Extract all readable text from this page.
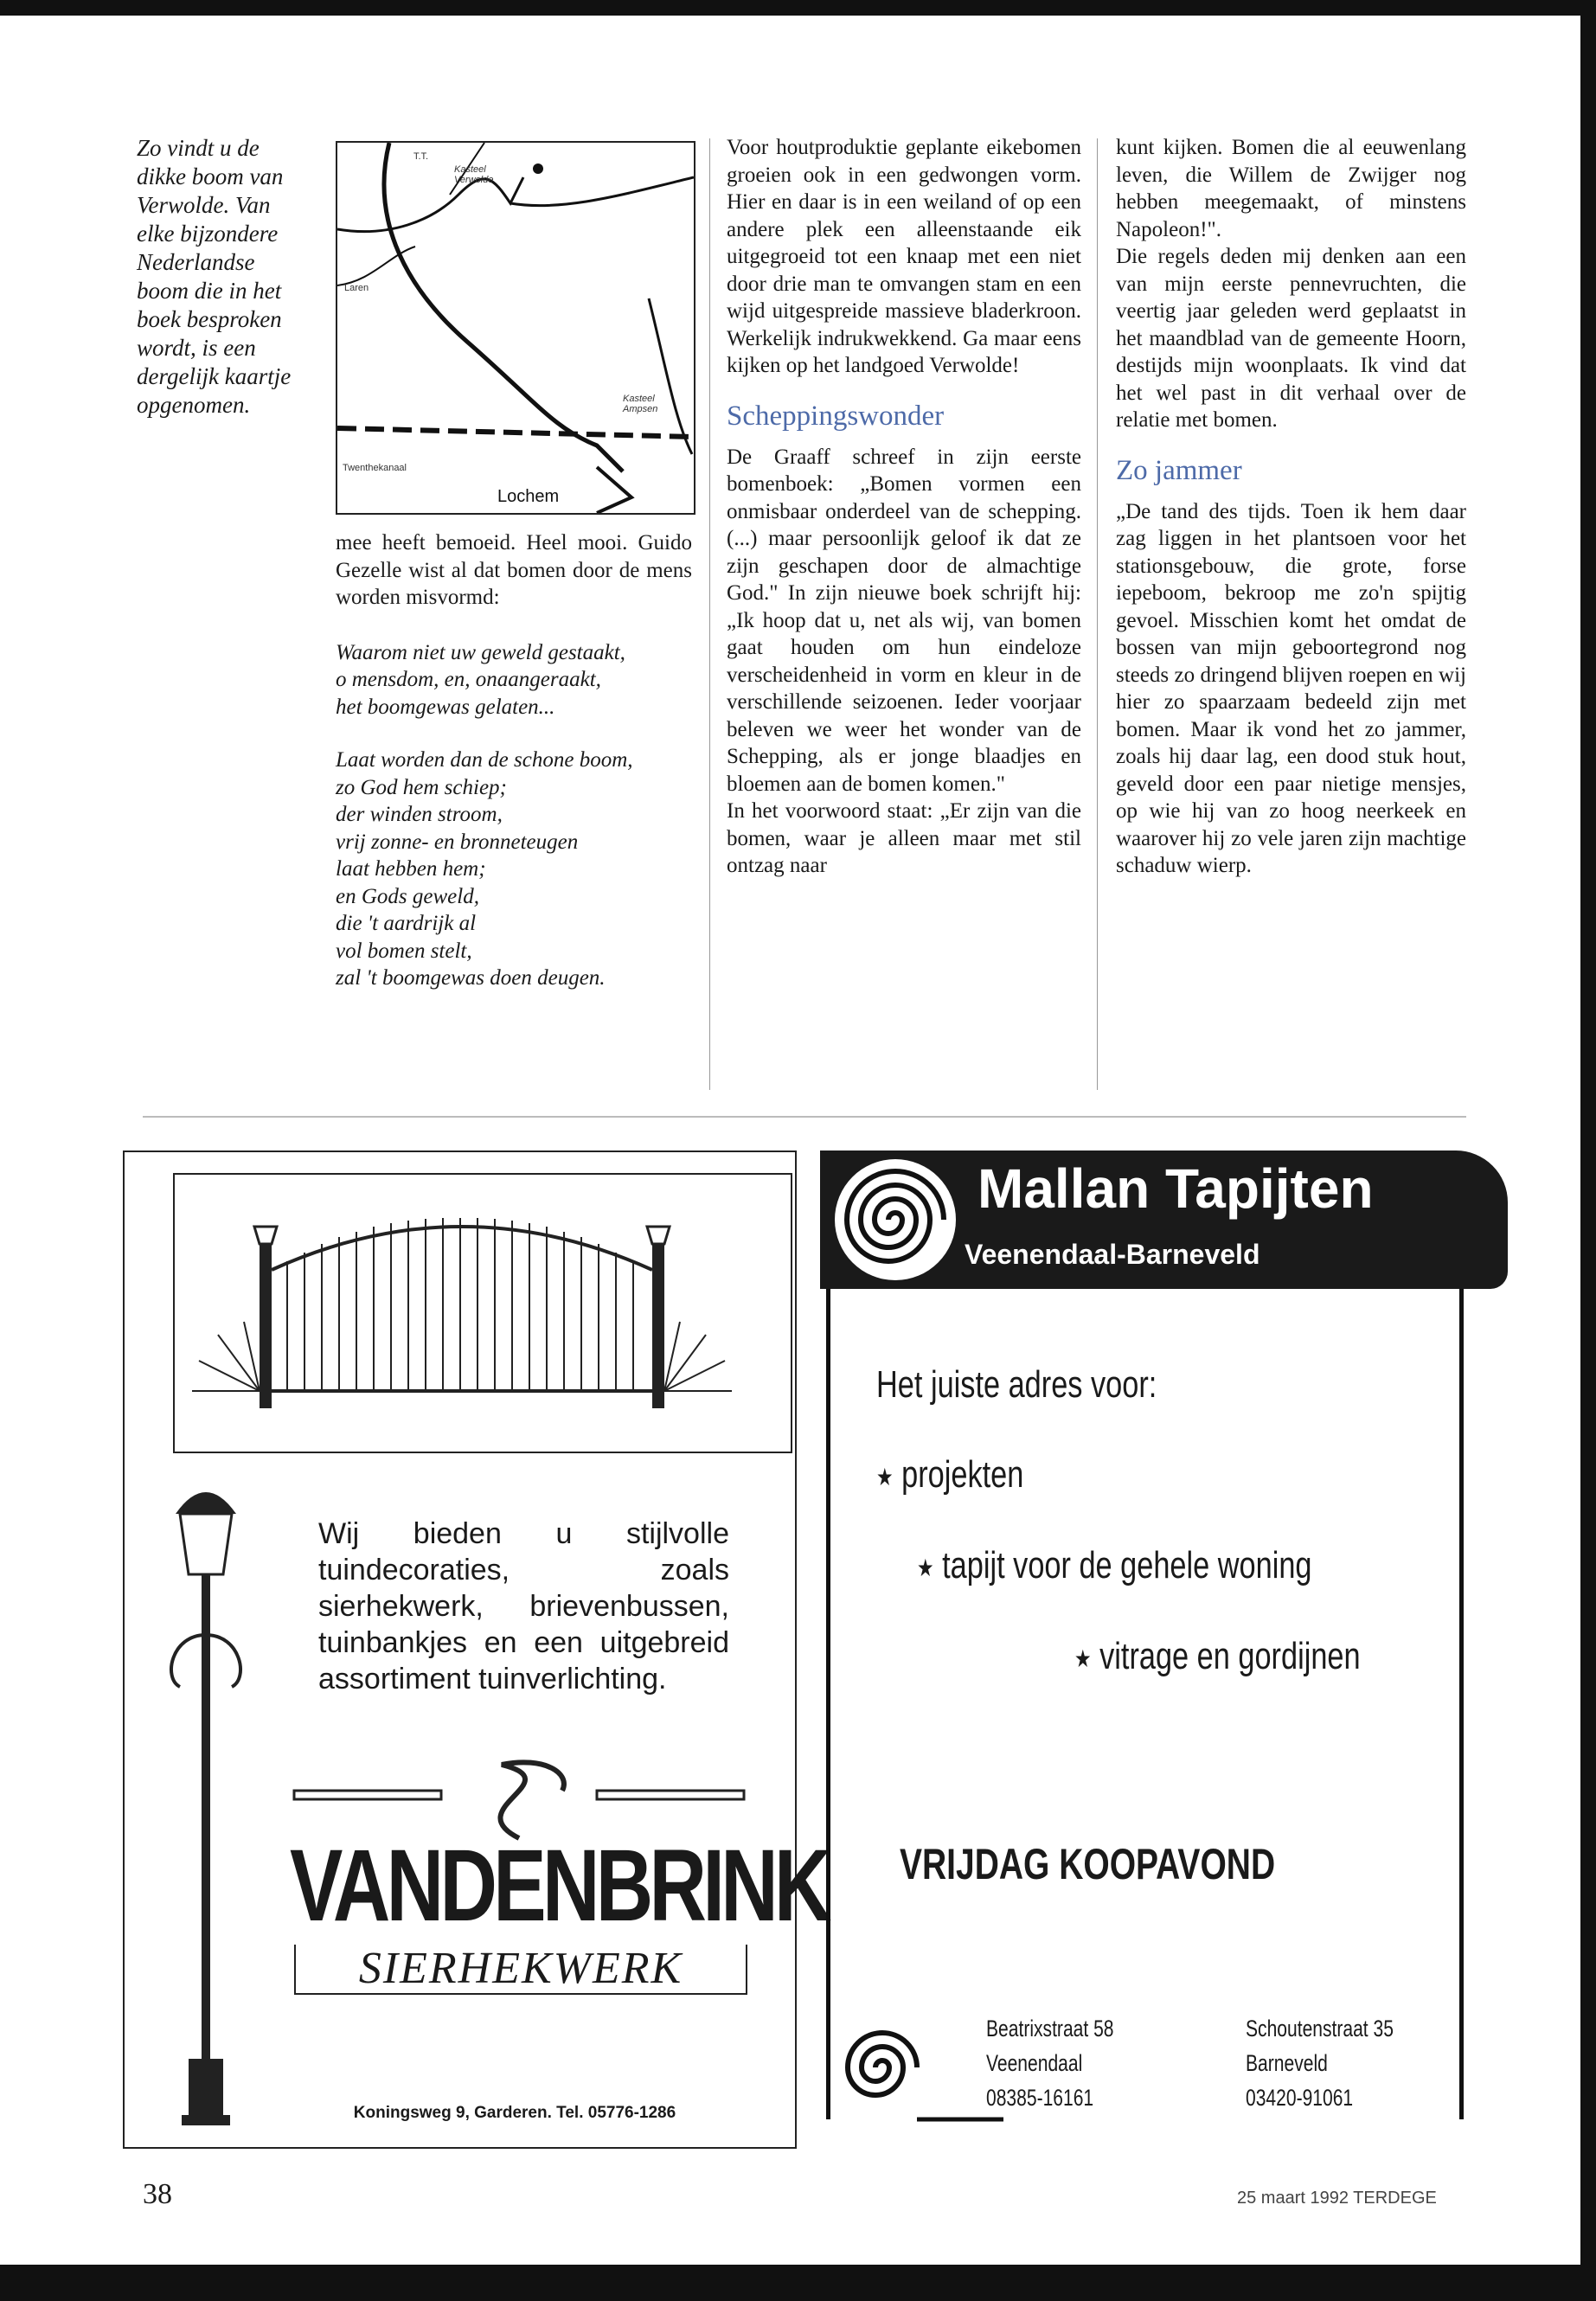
Zo vindt u de dikke boom van Verwolde. Van elke bijzondere Nederlandse boom die in het boek besproken wordt, is een dergelijk kaartje opgenomen.
T.T.
Kasteel Verwolde
Laren
Kasteel Ampsen
Twenthekanaal
Lochem

mee heeft bemoeid. Heel mooi. Guido Gezelle wist al dat bomen door de mens worden misvormd:

Waarom niet uw geweld gestaakt,
o mensdom, en, onaangeraakt,
het boomgewas gelaten...
Laat worden dan de schone boom,
zo God hem schiep;
der winden stroom,
vrij zonne- en bronneteugen
laat hebben hem;
en Gods geweld,
die 't aardrijk al
vol bomen stelt,
zal 't boomgewas doen deugen.

Voor houtproduktie geplante eikebomen groeien ook in een gedwongen vorm. Hier en daar is in een weiland of op een andere plek een alleenstaande eik uitgegroeid tot een knaap met een niet door drie man te omvangen stam en een wijd uitgespreide massieve bladerkroon. Werkelijk indrukwekkend. Ga maar eens kijken op het landgoed Verwolde!

Scheppingswonder

De Graaff schreef in zijn eerste bomenboek: „Bomen vormen een onmisbaar onderdeel van de schepping. (...) maar persoonlijk geloof ik dat ze zijn geschapen door de almachtige God." In zijn nieuwe boek schrijft hij: „Ik hoop dat u, net als wij, van bomen gaat houden om hun eindeloze verscheidenheid in vorm en kleur in de verschillende seizoenen. Ieder voorjaar beleven we weer het wonder van de Schepping, als er jonge blaadjes en bloemen aan de bomen komen."

In het voorwoord staat: „Er zijn van die bomen, waar je alleen maar met stil ontzag naar

kunt kijken. Bomen die al eeuwenlang leven, die Willem de Zwijger nog hebben meegemaakt, of minstens Napoleon!".

Die regels deden mij denken aan een van mijn eerste pennevruchten, die veertig jaar geleden werd geplaatst in het maandblad van de gemeente Hoorn, destijds mijn woonplaats. Ik vind dat het wel past in dit verhaal over de relatie met bomen.

Zo jammer

„De tand des tijds. Toen ik hem daar zag liggen in het plantsoen voor het stationsgebouw, die grote, forse iepeboom, bekroop me zo'n spijtig gevoel. Misschien komt het omdat de bossen van mijn geboortegrond nog steeds zo dringend blijven roepen en wij hier zo spaarzaam bedeeld zijn met bomen. Maar ik vond het zo jammer, zoals hij daar lag, een dood stuk hout, geveld door een paar nietige mensjes, op wie hij van zo hoog neerkeek en waarover hij zo vele jaren zijn machtige schaduw wierp.

Wij bieden u stijlvolle tuindecoraties, zoals sierhekwerk, brievenbussen, tuinbankjes en een uitgebreid assortiment tuinverlichting.
VANDENBRINK
SIERHEKWERK
Koningsweg 9, Garderen. Tel. 05776-1286
Mallan Tapijten
Veenendaal-Barneveld
Het juiste adres voor:
★ projekten
★ tapijt voor de gehele woning
★ vitrage en gordijnen
VRIJDAG KOOPAVOND
Beatrixstraat 58
Veenendaal
08385-16161
Schoutenstraat 35
Barneveld
03420-91061
38	25 maart 1992 TERDEGE
